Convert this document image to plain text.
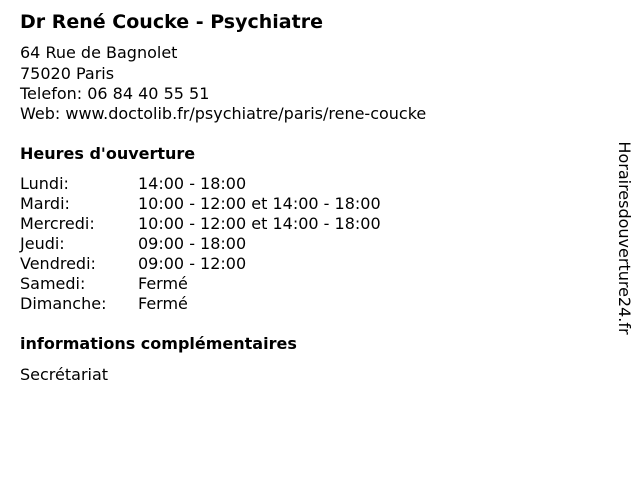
Dr René Coucke - Psychiatre
64 Rue de Bagnolet
75020 Paris
Telefon: 06 84 40 55 51
Web: www.doctolib.fr/psychiatre/paris/rene-coucke
Heures d'ouverture
Lundi:	14:00 - 18:00
Mardi:	10:00 - 12:00 et 14:00 - 18:00
Mercredi:	10:00 - 12:00 et 14:00 - 18:00
Jeudi:	09:00 - 18:00
Vendredi:	09:00 - 12:00
Samedi:	Fermé
Dimanche: Fermé
informations complémentaires
Secrétariat
Horairesdouverture24.fr
